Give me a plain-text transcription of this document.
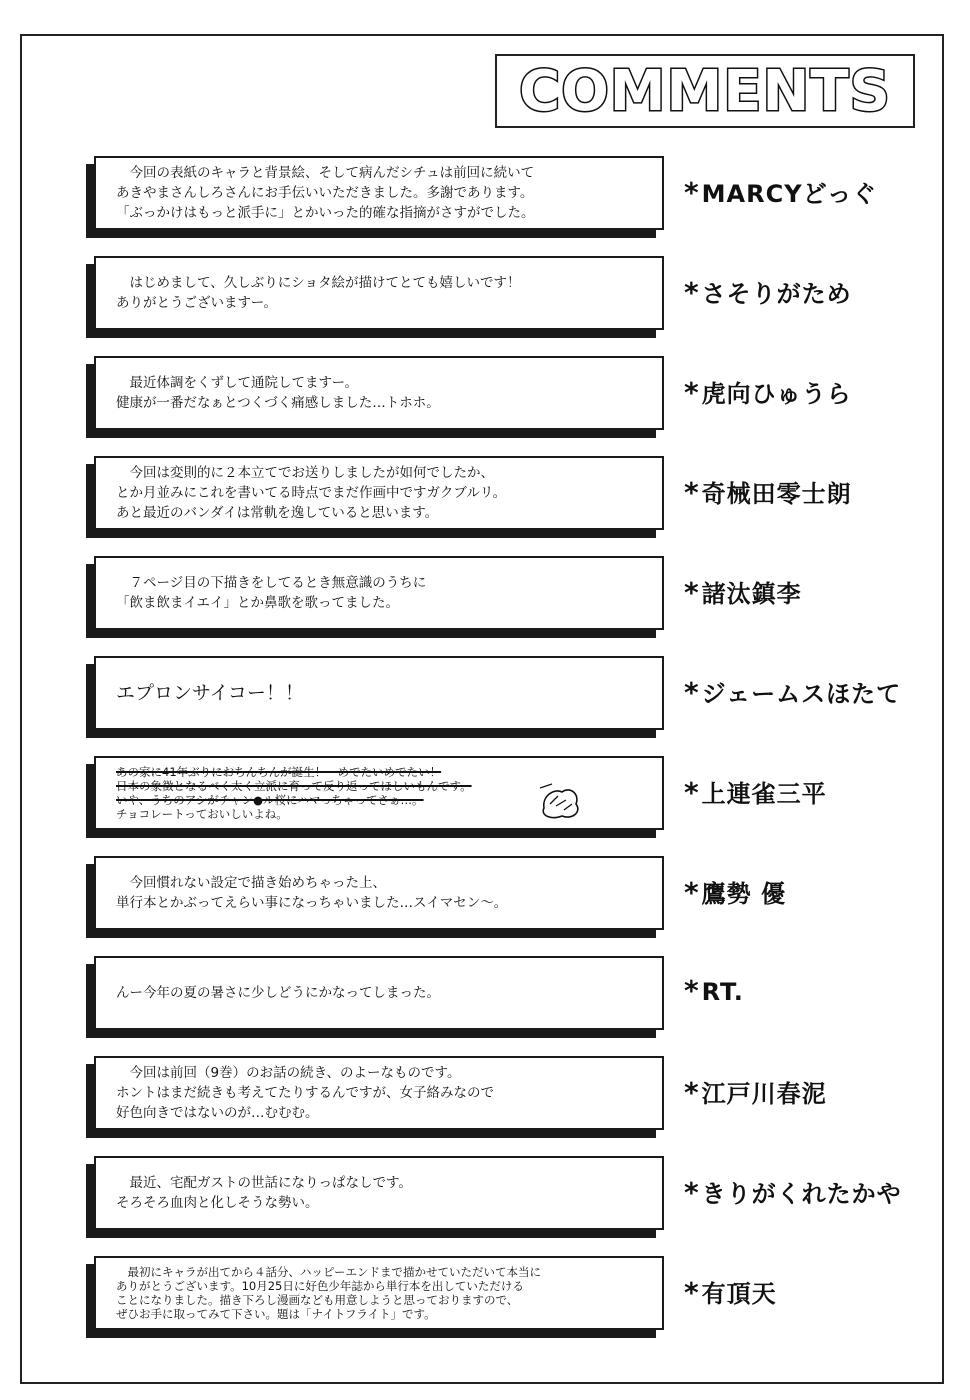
COMMENTS
　今回の表紙のキャラと背景絵、そして病んだシチュは前回に続いて
あきやまさんしろさんにお手伝いいただきました。多謝であります。
「ぶっかけはもっと派手に」とかいった的確な指摘がさすがでした。
*MARCYどっぐ
　はじめまして、久しぶりにショタ絵が描けてとても嬉しいです！
ありがとうございますー。	*さそりがため
　最近体調をくずして通院してますー。
健康が一番だなぁとつくづく痛感しました…トホホ。	*虎向ひゅうら
　今回は変則的に２本立てでお送りしましたが如何でしたか、
とか月並みにこれを書いてる時点でまだ作画中ですガクブルリ。
あと最近のバンダイは常軌を逸していると思います。
*奇械田零士朗
　７ページ目の下描きをしてるとき無意識のうちに
「飲ま飲まイエイ」とか鼻歌を歌ってました。	*諸汰鎮李
エプロンサイコー！！	*ジェームスほたて
あの家に41年ぶりにおちんちんが誕生！　めでたいめでたい！
日本の象徴となるべく太く立派に育って反り返ってほしいもんです。
いや、うちのアシがチャン●ル桜にハマっちゃってさぁ…。
チョコレートっておいしいよね。
*上連雀三平
　今回慣れない設定で描き始めちゃった上、
単行本とかぶってえらい事になっちゃいました…スイマセン〜。	*鷹勢 優
んー今年の夏の暑さに少しどうにかなってしまった。	*RT.
　今回は前回（9巻）のお話の続き、のよーなものです。
ホントはまだ続きも考えてたりするんですが、女子絡みなので
好色向きではないのが…むむむ。
*江戸川春泥
　最近、宅配ガストの世話になりっぱなしです。
そろそろ血肉と化しそうな勢い。	*きりがくれたかや
　最初にキャラが出てから４話分、ハッピーエンドまで描かせていただいて本当に
ありがとうございます。10月25日に好色少年誌から単行本を出していただける
ことになりました。描き下ろし漫画なども用意しようと思っておりますので、
ぜひお手に取ってみて下さい。題は「ナイトフライト」です。
*有頂天
